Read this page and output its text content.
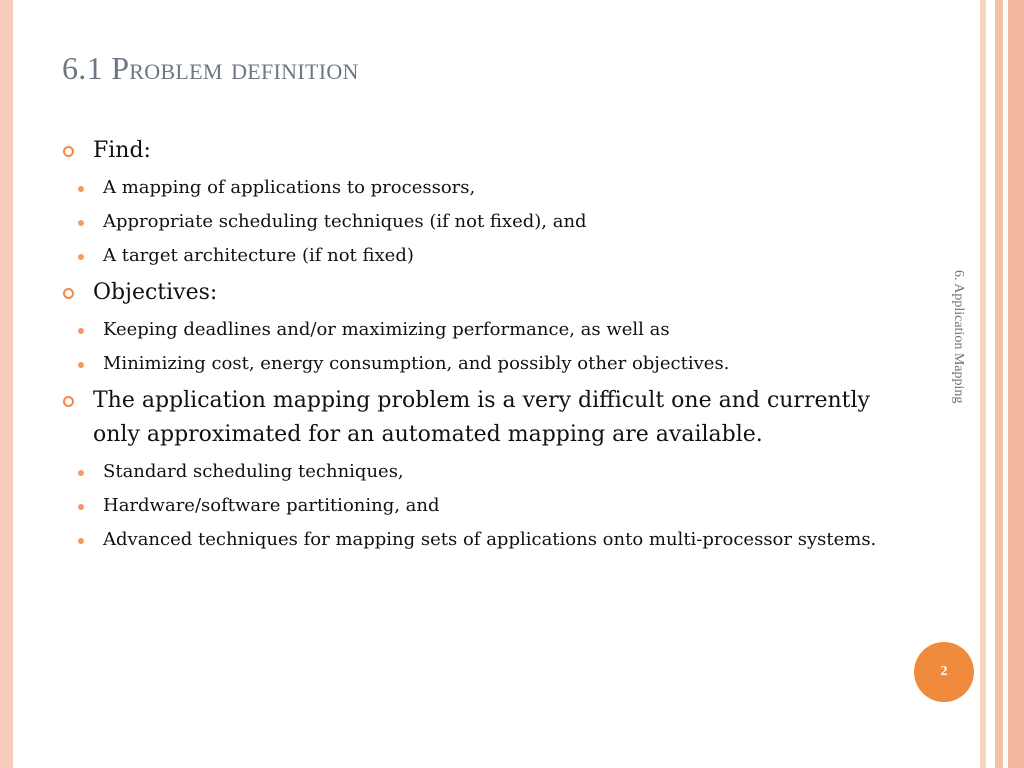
6.1 Problem definition
Find:
A mapping of applications to processors,
Appropriate scheduling techniques (if not fixed), and
A target architecture (if not fixed)
Objectives:
Keeping deadlines and/or maximizing performance, as well as
Minimizing cost, energy consumption, and possibly other objectives.
The application mapping problem is a very difficult one and currently only approximated for an automated mapping are available.
Standard scheduling techniques,
Hardware/software partitioning, and
Advanced techniques for mapping sets of applications onto multi-processor systems.
6. Application Mapping
2
